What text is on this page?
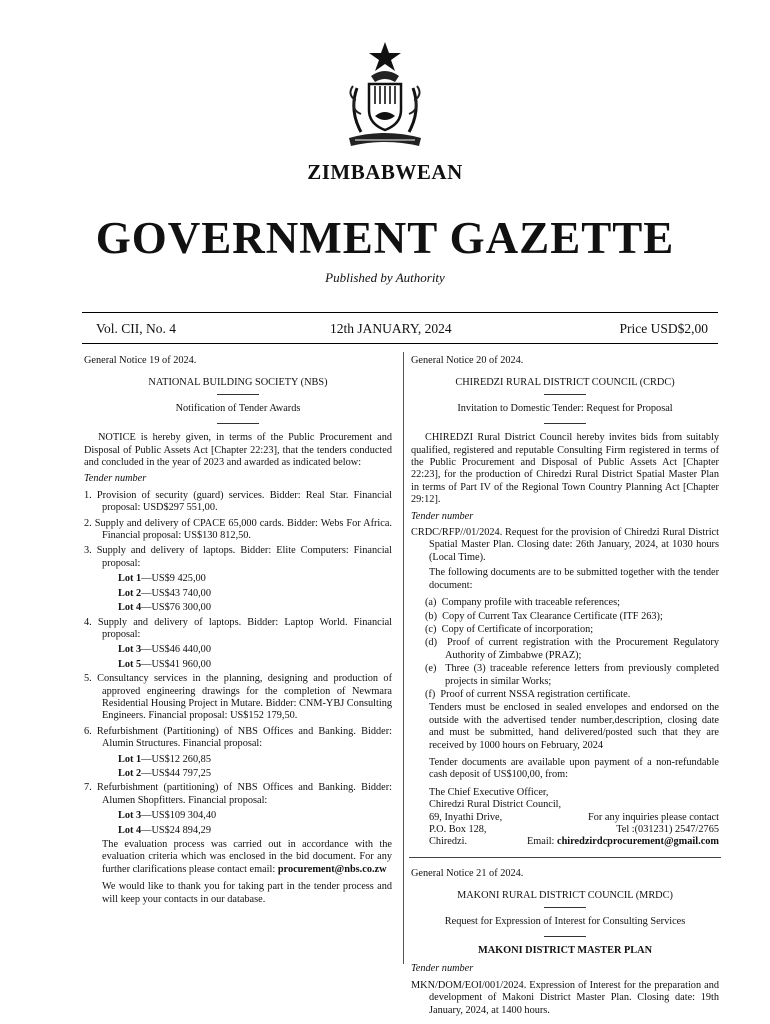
ZIMBABWEAN
GOVERNMENT GAZETTE
Published by Authority
Vol. CII, No. 4	12th JANUARY, 2024	Price USD$2,00

General Notice 19 of 2024.

NATIONAL BUILDING SOCIETY (NBS)

Notification of Tender Awards

NOTICE is hereby given, in terms of the Public Procurement and Disposal of Public Assets Act [Chapter 22:23], that the tenders conducted and concluded in the year of 2023 and awarded as indicated below:

Tender number

1. Provision of security (guard) services. Bidder: Real Star. Financial proposal: USD$297 551,00.

2. Supply and delivery of CPACE 65,000 cards. Bidder: Webs For Africa. Financial proposal: US$130 812,50.

3. Supply and delivery of laptops. Bidder: Elite Computers: Financial proposal:

Lot 1—US$9 425,00

Lot 2—US$43 740,00

Lot 4—US$76 300,00

4. Supply and delivery of laptops. Bidder: Laptop World. Financial proposal:

Lot 3—US$46 440,00

Lot 5—US$41 960,00

5. Consultancy services in the planning, designing and production of approved engineering drawings for the completion of Newmara Residential Housing Project in Mutare. Bidder: CNM-YBJ Consulting Engineers. Financial proposal: US$152 179,50.

6. Refurbishment (Partitioning) of NBS Offices and Banking. Bidder: Alumin Structures. Financial proposal:

Lot 1—US$12 260,85

Lot 2—US$44 797,25

7. Refurbishment (partitioning) of NBS Offices and Banking. Bidder: Alumen Shopfitters. Financial proposal:

Lot 3—US$109 304,40

Lot 4—US$24 894,29

The evaluation process was carried out in accordance with the evaluation criteria which was enclosed in the bid document. For any further clarifications please contact email: procurement@nbs.co.zw

We would like to thank you for taking part in the tender process and will keep your contacts in our database.

General Notice 20 of 2024.

CHIREDZI RURAL DISTRICT COUNCIL (CRDC)

Invitation to Domestic Tender: Request for Proposal

CHIREDZI Rural District Council hereby invites bids from suitably qualified, registered and reputable Consulting Firm registered in terms of the Public Procurement and Disposal of Public Assets Act [Chapter 22:23], for the production of Chiredzi Rural District Spatial Master Plan in terms of Part IV of the Regional Town Country Planning Act [Chapter 29:12].

Tender number

CRDC/RFP//01/2024. Request for the provision of Chiredzi Rural District Spatial Master Plan. Closing date: 26th January, 2024, at 1030 hours (Local Time).

The following documents are to be submitted together with the tender document:

(a)  Company profile with traceable references;

(b)  Copy of Current Tax Clearance Certificate (ITF 263);

(c)  Copy of Certificate of incorporation;

(d)  Proof of current registration with the Procurement Regulatory Authority of Zimbabwe (PRAZ);

(e)  Three (3) traceable reference letters from previously completed projects in similar Works;

(f)  Proof of current NSSA registration certificate.

Tenders must be enclosed in sealed envelopes and endorsed on the outside with the advertised tender number,description, closing date and must be submitted, hand delivered/posted such that they are received by 1000 hours on February, 2024

Tender documents are available upon payment of a non-refundable cash deposit of US$100,00, from:

The Chief Executive Officer,
Chiredzi Rural District Council,
69, Inyathi Drive,	For any inquiries please contact
P.O. Box 128,	Tel :(031231) 2547/2765
Chiredzi.	Email: chiredzirdcprocurement@gmail.com

General Notice 21 of 2024.

MAKONI RURAL DISTRICT COUNCIL (MRDC)

Request for Expression of Interest for Consulting Services

MAKONI DISTRICT MASTER PLAN

Tender number

MKN/DOM/EOI/001/2024. Expression of Interest for the preparation and development of Makoni District Master Plan. Closing date: 19th January, 2024, at 1400 hours.
